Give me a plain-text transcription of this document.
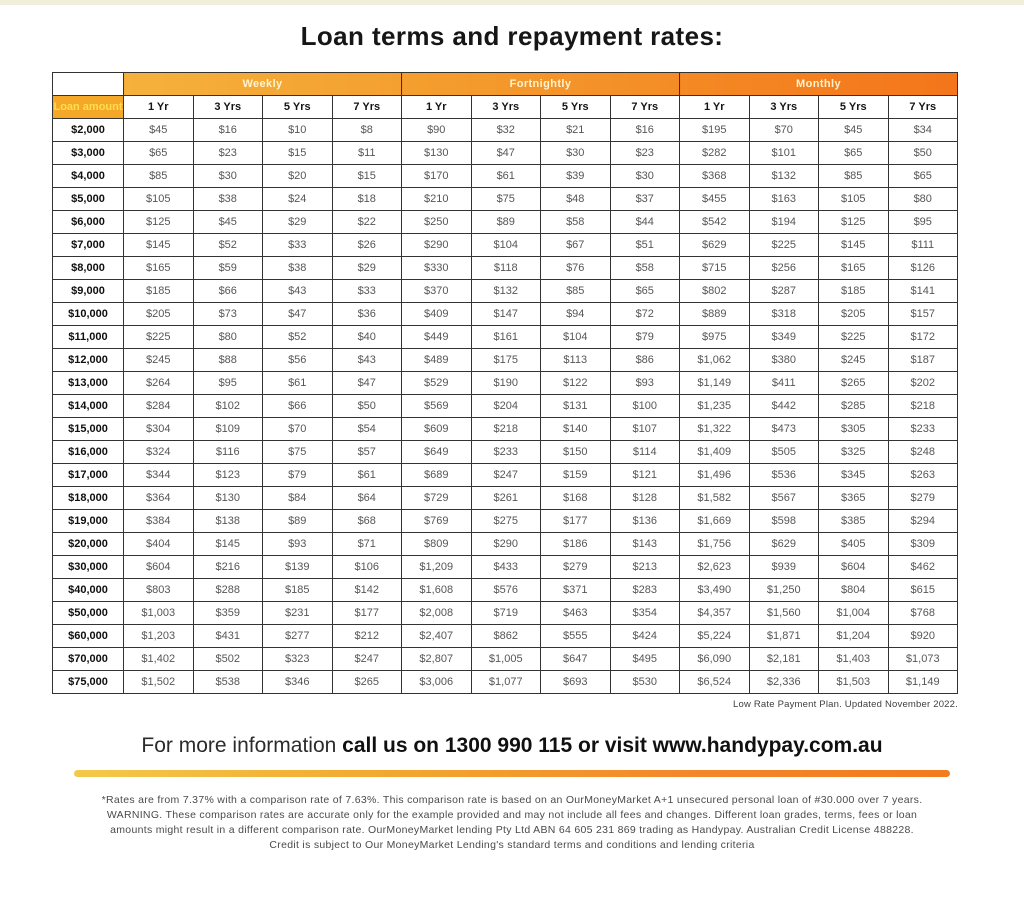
Loan terms and repayment rates:
	Weekly				Fortnightly				Monthly			
Loan amount	1 Yr	3 Yrs	5 Yrs	7 Yrs	1 Yr	3 Yrs	5 Yrs	7 Yrs	1 Yr	3 Yrs	5 Yrs	7 Yrs
$2,000	$45	$16	$10	$8	$90	$32	$21	$16	$195	$70	$45	$34
$3,000	$65	$23	$15	$11	$130	$47	$30	$23	$282	$101	$65	$50
$4,000	$85	$30	$20	$15	$170	$61	$39	$30	$368	$132	$85	$65
$5,000	$105	$38	$24	$18	$210	$75	$48	$37	$455	$163	$105	$80
$6,000	$125	$45	$29	$22	$250	$89	$58	$44	$542	$194	$125	$95
$7,000	$145	$52	$33	$26	$290	$104	$67	$51	$629	$225	$145	$111
$8,000	$165	$59	$38	$29	$330	$118	$76	$58	$715	$256	$165	$126
$9,000	$185	$66	$43	$33	$370	$132	$85	$65	$802	$287	$185	$141
$10,000	$205	$73	$47	$36	$409	$147	$94	$72	$889	$318	$205	$157
$11,000	$225	$80	$52	$40	$449	$161	$104	$79	$975	$349	$225	$172
$12,000	$245	$88	$56	$43	$489	$175	$113	$86	$1,062	$380	$245	$187
$13,000	$264	$95	$61	$47	$529	$190	$122	$93	$1,149	$411	$265	$202
$14,000	$284	$102	$66	$50	$569	$204	$131	$100	$1,235	$442	$285	$218
$15,000	$304	$109	$70	$54	$609	$218	$140	$107	$1,322	$473	$305	$233
$16,000	$324	$116	$75	$57	$649	$233	$150	$114	$1,409	$505	$325	$248
$17,000	$344	$123	$79	$61	$689	$247	$159	$121	$1,496	$536	$345	$263
$18,000	$364	$130	$84	$64	$729	$261	$168	$128	$1,582	$567	$365	$279
$19,000	$384	$138	$89	$68	$769	$275	$177	$136	$1,669	$598	$385	$294
$20,000	$404	$145	$93	$71	$809	$290	$186	$143	$1,756	$629	$405	$309
$30,000	$604	$216	$139	$106	$1,209	$433	$279	$213	$2,623	$939	$604	$462
$40,000	$803	$288	$185	$142	$1,608	$576	$371	$283	$3,490	$1,250	$804	$615
$50,000	$1,003	$359	$231	$177	$2,008	$719	$463	$354	$4,357	$1,560	$1,004	$768
$60,000	$1,203	$431	$277	$212	$2,407	$862	$555	$424	$5,224	$1,871	$1,204	$920
$70,000	$1,402	$502	$323	$247	$2,807	$1,005	$647	$495	$6,090	$2,181	$1,403	$1,073
$75,000	$1,502	$538	$346	$265	$3,006	$1,077	$693	$530	$6,524	$2,336	$1,503	$1,149
Low Rate Payment Plan. Updated November 2022.
For more information call us on 1300 990 115 or visit www.handypay.com.au
*Rates are from 7.37% with a comparison rate of 7.63%. This comparison rate is based on an OurMoneyMarket A+1 unsecured personal loan of #30.000 over 7 years.
WARNING. These comparison rates are accurate only for the example provided and may not include all fees and changes. Different loan grades, terms, fees or loan
amounts might result in a different comparison rate. OurMoneyMarket lending Pty Ltd ABN 64 605 231 869 trading as Handypay. Australian Credit License 488228.
Credit is subject to Our MoneyMarket Lending's standard terms and conditions and lending criteria
